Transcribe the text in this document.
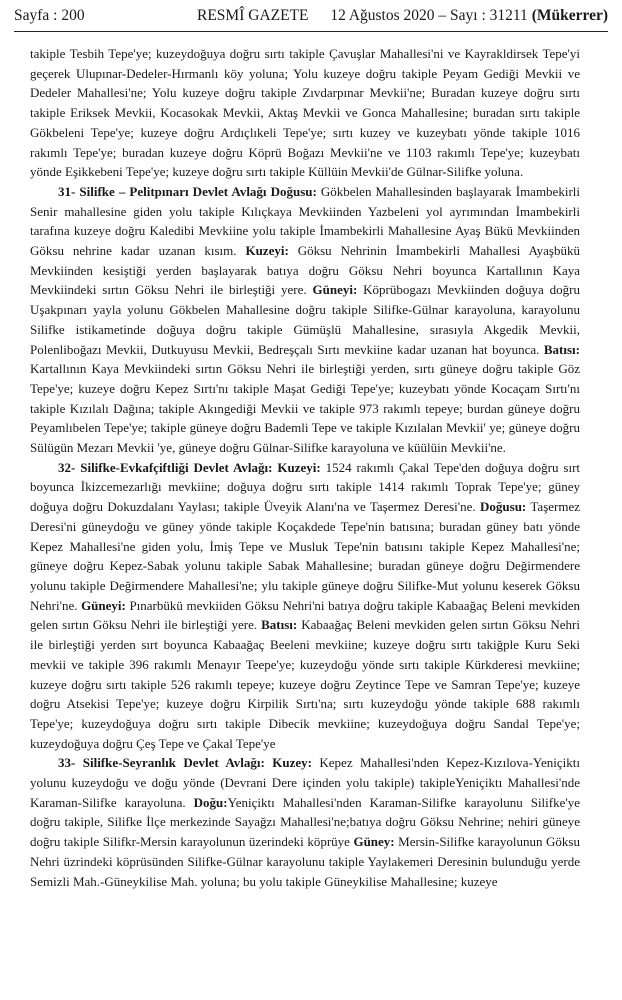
Sayfa : 200	RESMÎ GAZETE 12 Ağustos 2020 – Sayı : 31211 (Mükerrer)

takiple Tesbih Tepe'ye; kuzeydoğuya doğru sırtı takiple Çavuşlar Mahallesi'ni ve Kayrakldirsek Tepe'yi geçerek Ulupınar-Dedeler-Hırmanlı köy yoluna; Yolu kuzeye doğru takiple Peyam Gediği Mevkii ve Dedeler Mahallesi'ne; Yolu kuzeye doğru takiple Zıvdarpınar Mevkii'ne; Buradan kuzeye doğru sırtı takiple Eriksek Mevkii, Kocasokak Mevkii, Aktaş Mevkii ve Gonca Mahallesine; buradan sırtı takiple Gökbeleni Tepe'ye; kuzeye doğru Ardıçlıkeli Tepe'ye; sırtı kuzey ve kuzeybatı yönde takiple 1016 rakımlı Tepe'ye; buradan kuzeye doğru Köprü Boğazı Mevkii'ne ve 1103 rakımlı Tepe'ye; kuzeybatı yönde Eşikkebeni Tepe'ye; kuzeye doğru sırtı takiple Küllüin Mevkii'de Gülnar-Silifke yoluna.

31- Silifke – Pelitpınarı Devlet Avlağı Doğusu: Gökbelen Mahallesinden başlayarak İmambekirli Senir mahallesine giden yolu takiple Kılıçkaya Mevkiinden Yazbeleni yol ayrımından İmambekirli tarafına kuzeye doğru Kaledibi Mevkiine yolu takiple İmambekirli Mahallesine Ayaş Bükü Mevkiinden Göksu nehrine kadar uzanan kısım. Kuzeyi: Göksu Nehrinin İmambekirli Mahallesi Ayaşbükü Mevkiinden kesiştiği yerden başlayarak batıya doğru Göksu Nehri boyunca Kartallının Kaya Mevkiindeki sırtın Göksu Nehri ile birleştiği yere. Güneyi: Köprübogazı Mevkiinden doğuya doğru Uşakpınarı yayla yolunu Gökbelen Mahallesine doğru takiple Silifke-Gülnar karayoluna, karayolunu Silifke istikametinde doğuya doğru takiple Gümüşlü Mahallesine, sırasıyla Akgedik Mevkii, Polenliboğazı Mevkii, Dutkuyusu Mevkii, Bedreşçalı Sırtı mevkiine kadar uzanan hat boyunca. Batısı: Kartallının Kaya Mevkiindeki sırtın Göksu Nehri ile birleştiği yerden, sırtı güneye doğru takiple Göz Tepe'ye; kuzeye doğru Kepez Sırtı'nı takiple Maşat Gediği Tepe'ye; kuzeybatı yönde Kocaçam Sırtı'nı takiple Kızılalı Dağına; takiple Akıngediği Mevkii ve takiple 973 rakımlı tepeye; burdan güneye doğru Peyamlıbelen Tepe'ye; takiple güneye doğru Bademli Tepe ve takiple Kızılalan Mevkii' ye; güneye doğru Sülügün Mezarı Mevkii 'ye, güneye doğru Gülnar-Silifke karayoluna ve küülüin Mevkii'ne.

32- Silifke-Evkafçiftliği Devlet Avlağı: Kuzeyi: 1524 rakımlı Çakal Tepe'den doğuya doğru sırt boyunca İkizcemezarlığı mevkiine; doğuya doğru sırtı takiple 1414 rakımlı Toprak Tepe'ye; güney doğuya doğru Dokuzdalanı Yaylası; takiple Üveyik Alanı'na ve Taşermez Deresi'ne. Doğusu: Taşermez Deresi'ni güneydoğu ve güney yönde takiple Koçakdede Tepe'nin batısına; buradan güney batı yönde Kepez Mahallesi'ne giden yolu, İmiş Tepe ve Musluk Tepe'nin batısını takiple Kepez Mahallesi'ne; güneye doğru Kepez-Sabak yolunu takiple Sabak Mahallesine; buradan güneye doğru Değirmendere yolunu takiple Değirmendere Mahallesi'ne; ylu takiple güneye doğru Silifke-Mut yolunu keserek Göksu Nehri'ne. Güneyi: Pınarbükü mevkiiden Göksu Nehri'ni batıya doğru takiple Kabaağaç Beleni mevkiden gelen sırtın Göksu Nehri ile birleştiği yere. Batısı: Kabaağaç Beleni mevkiden gelen sırtın Göksu Nehri ile birleştiği yerden sırt boyunca Kabaağaç Beeleni mevkiine; kuzeye doğru sırtı takiğple Kuru Seki mevkii ve takiple 396 rakımlı Menayır Teepe'ye; kuzeydoğu yönde sırtı takiple Kürkderesi mevkiine; kuzeye doğru sırtı takiple 526 rakımlı tepeye; kuzeye doğru Zeytince Tepe ve Samran Tepe'ye; kuzeye doğru Atsekisi Tepe'ye; kuzeye doğru Kirpilik Sırtı'na; sırtı kuzeydoğu yönde takiple 688 rakımlı Tepe'ye; kuzeydoğuya doğru sırtı takiple Dibecik mevkiine; kuzeydoğuya doğru Sandal Tepe'ye; kuzeydoğuya doğru Çeş Tepe ve Çakal Tepe'ye

33- Silifke-Seyranlık Devlet Avlağı: Kuzey: Kepez Mahallesi'nden Kepez-Kızılova-Yeniçiktı yolunu kuzeydoğu ve doğu yönde (Devrani Dere içinden yolu takiple) takipleYeniçiktı Mahallesi'nde Karaman-Silifke karayoluna. Doğu:Yeniçiktı Mahallesi'nden Karaman-Silifke karayolunu Silifke'ye doğru takiple, Silifke İlçe merkezinde Sayağzı Mahallesi'ne;batıya doğru Göksu Nehrine; nehiri güneye doğru takiple Silifkr-Mersin karayolunun üzerindeki köprüye Güney: Mersin-Silifke karayolunun Göksu Nehri üzrindeki köprüsünden Silifke-Gülnar karayolunu takiple Yaylakemeri Deresinin bulunduğu yerde Semizli Mah.-Güneykilise Mah. yoluna; bu yolu takiple Güneykilise Mahallesine; kuzeye
